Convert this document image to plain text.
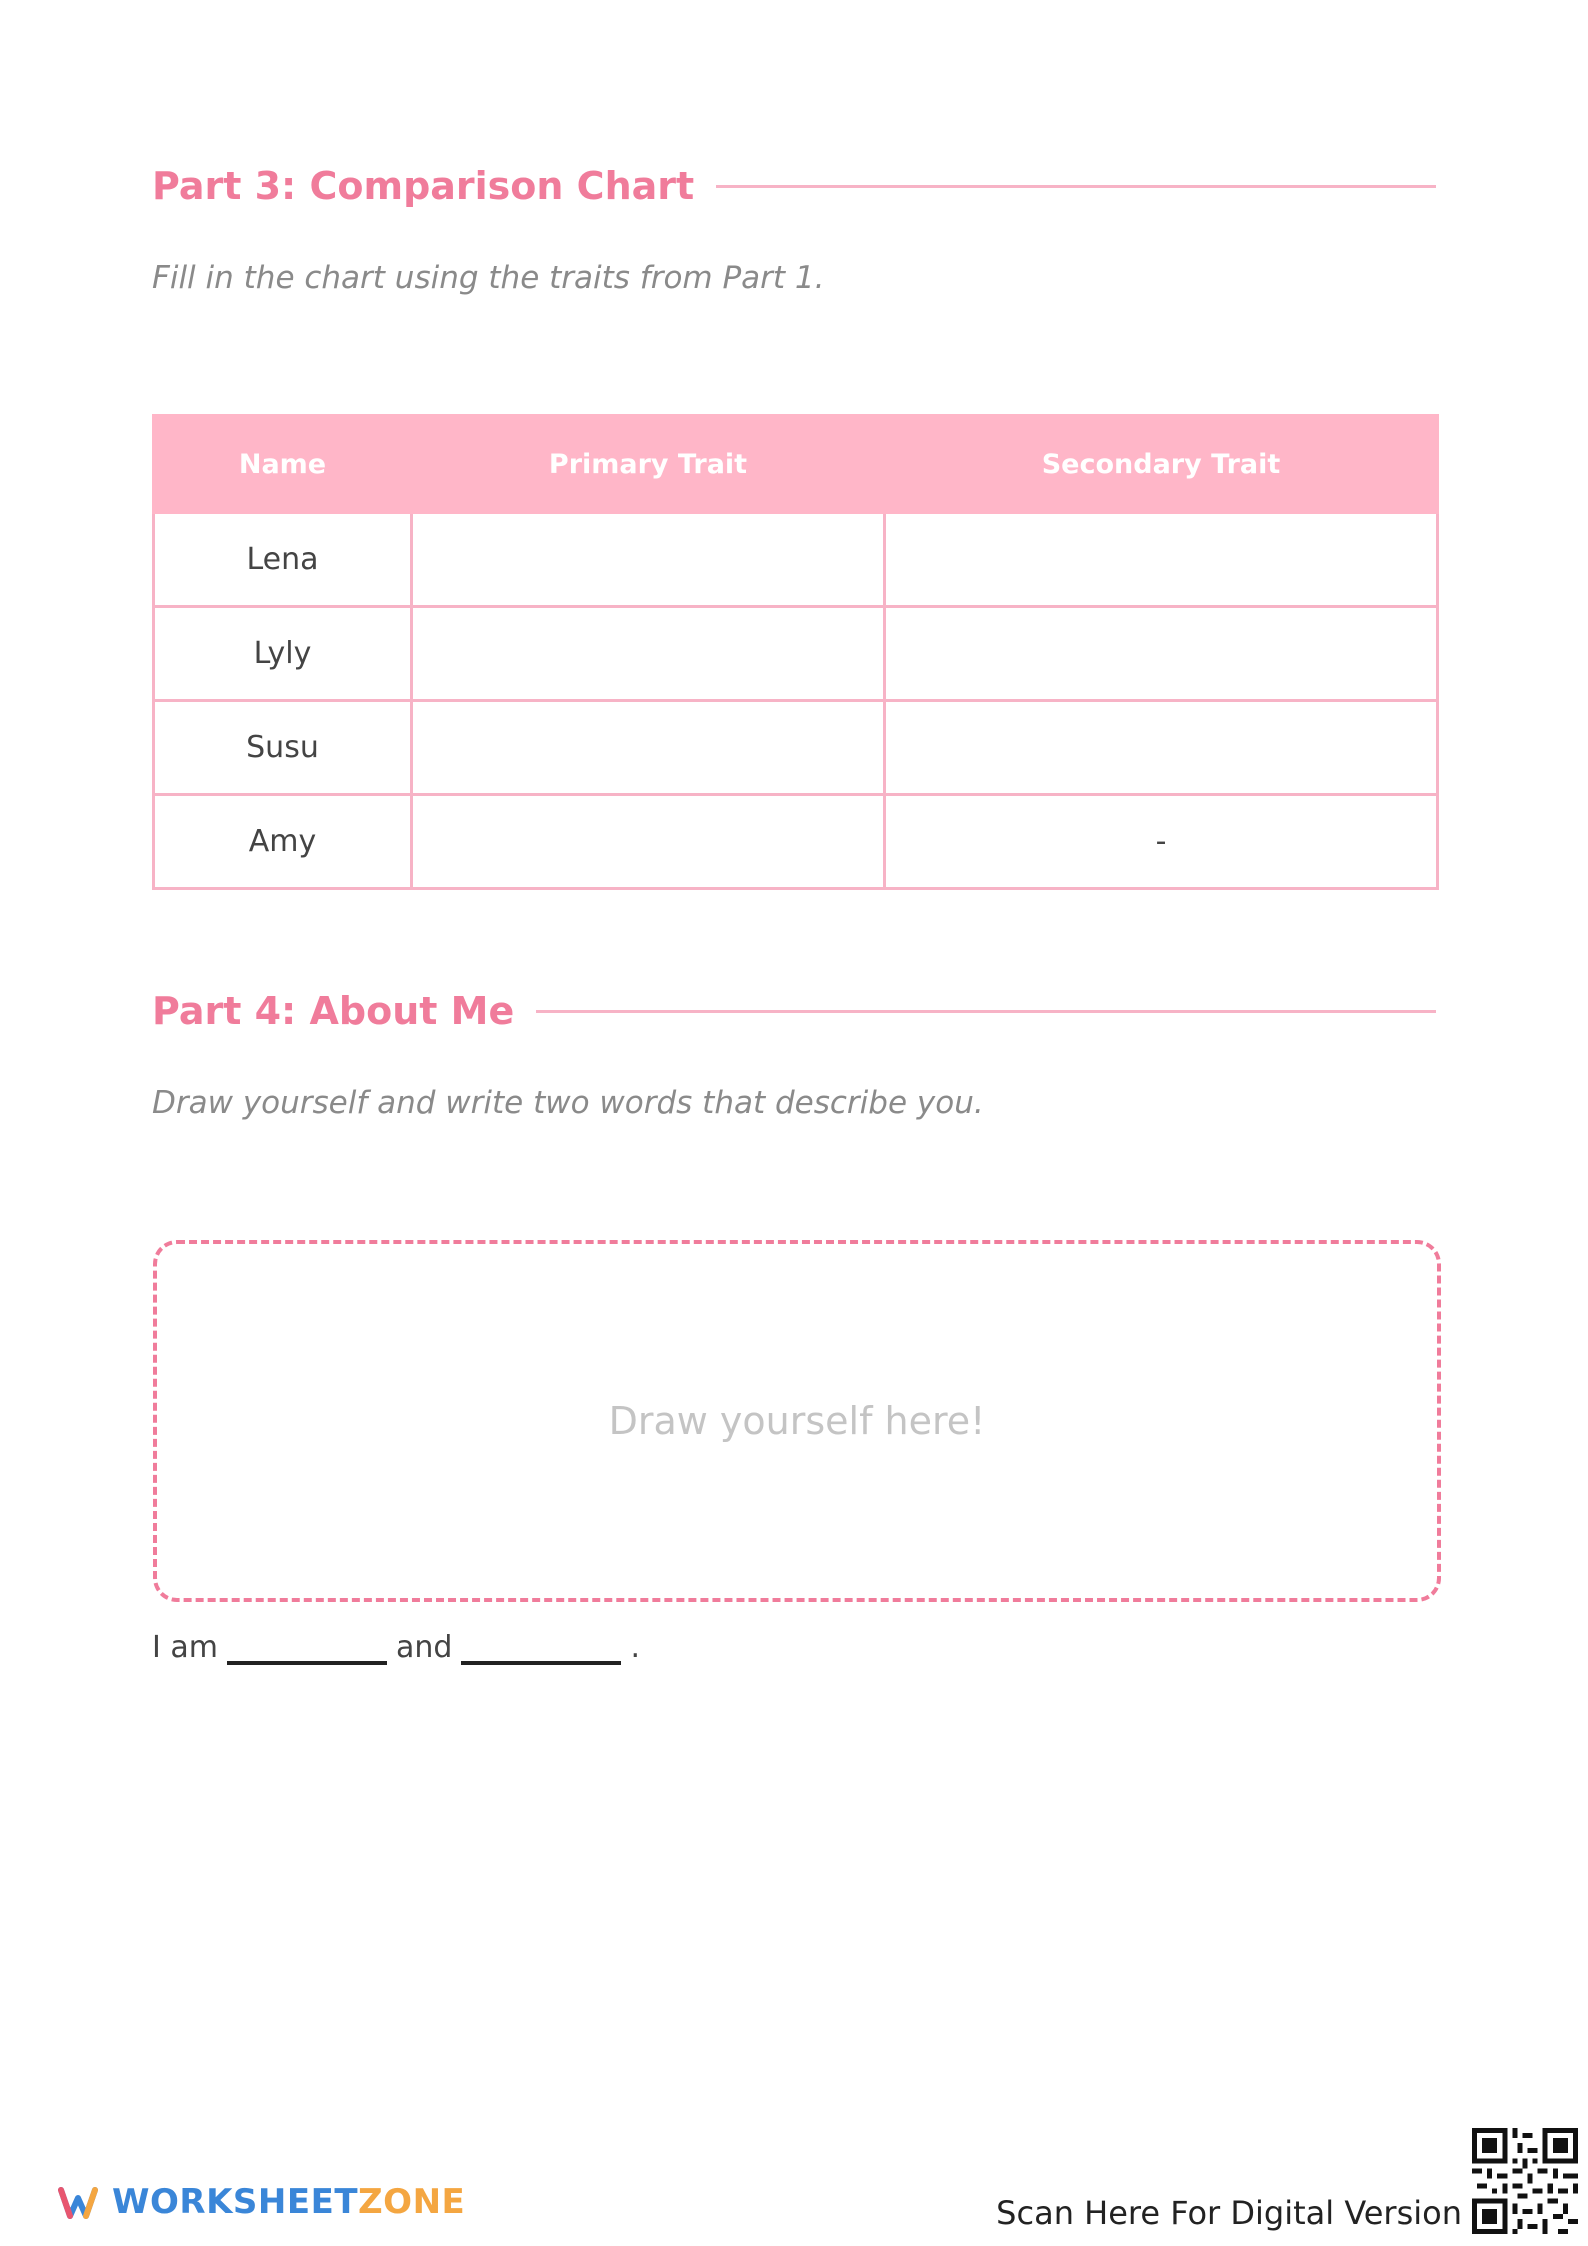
Part 3: Comparison Chart
Fill in the chart using the traits from Part 1.
Name	Primary Trait	Secondary Trait
Lena		
Lyly		
Susu		
Amy		-
Part 4: About Me
Draw yourself and write two words that describe you.
Draw yourself here!
I am	and	.
WORKSHEETZONE	Scan Here For Digital Version
